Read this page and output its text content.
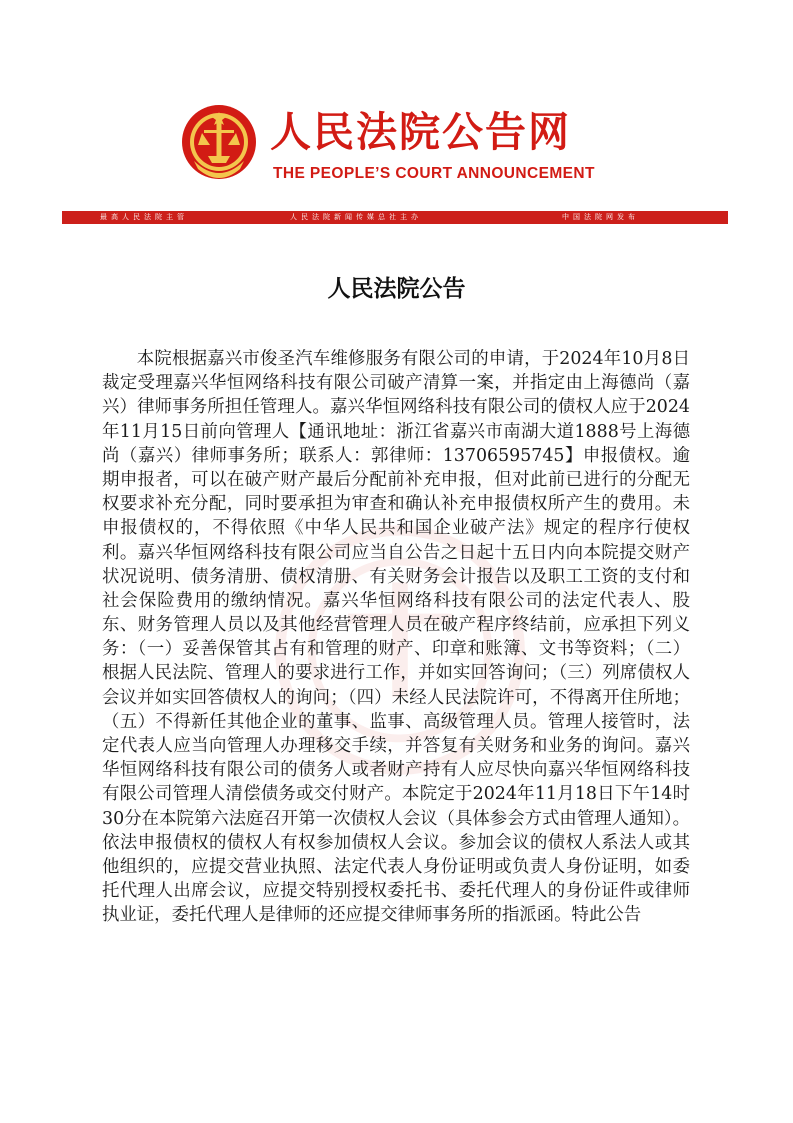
人民法院公告网
THE PEOPLE’S COURT ANNOUNCEMENT
最高人民法院主管	人民法院新闻传媒总社主办	中国法院网发布
人民法院公告
本院根据嘉兴市俊圣汽车维修服务有限公司的申请，于2024年10月8日裁定受理嘉兴华恒网络科技有限公司破产清算一案，并指定由上海德尚（嘉兴）律师事务所担任管理人。嘉兴华恒网络科技有限公司的债权人应于2024年11月15日前向管理人【通讯地址：浙江省嘉兴市南湖大道1888号上海德尚（嘉兴）律师事务所；联系人：郭律师：13706595745】申报债权。逾期申报者，可以在破产财产最后分配前补充申报，但对此前已进行的分配无权要求补充分配，同时要承担为审查和确认补充申报债权所产生的费用。未申报债权的，不得依照《中华人民共和国企业破产法》规定的程序行使权利。嘉兴华恒网络科技有限公司应当自公告之日起十五日内向本院提交财产状况说明、债务清册、债权清册、有关财务会计报告以及职工工资的支付和社会保险费用的缴纳情况。嘉兴华恒网络科技有限公司的法定代表人、股东、财务管理人员以及其他经营管理人员在破产程序终结前，应承担下列义务：（一）妥善保管其占有和管理的财产、印章和账簿、文书等资料；（二）根据人民法院、管理人的要求进行工作，并如实回答询问；（三）列席债权人会议并如实回答债权人的询问；（四）未经人民法院许可，不得离开住所地；（五）不得新任其他企业的董事、监事、高级管理人员。管理人接管时，法定代表人应当向管理人办理移交手续，并答复有关财务和业务的询问。嘉兴华恒网络科技有限公司的债务人或者财产持有人应尽快向嘉兴华恒网络科技有限公司管理人清偿债务或交付财产。本院定于2024年11月18日下午14时30分在本院第六法庭召开第一次债权人会议（具体参会方式由管理人通知）。依法申报债权的债权人有权参加债权人会议。参加会议的债权人系法人或其他组织的，应提交营业执照、法定代表人身份证明或负责人身份证明，如委托代理人出席会议，应提交特别授权委托书、委托代理人的身份证件或律师执业证，委托代理人是律师的还应提交律师事务所的指派函。特此公告
